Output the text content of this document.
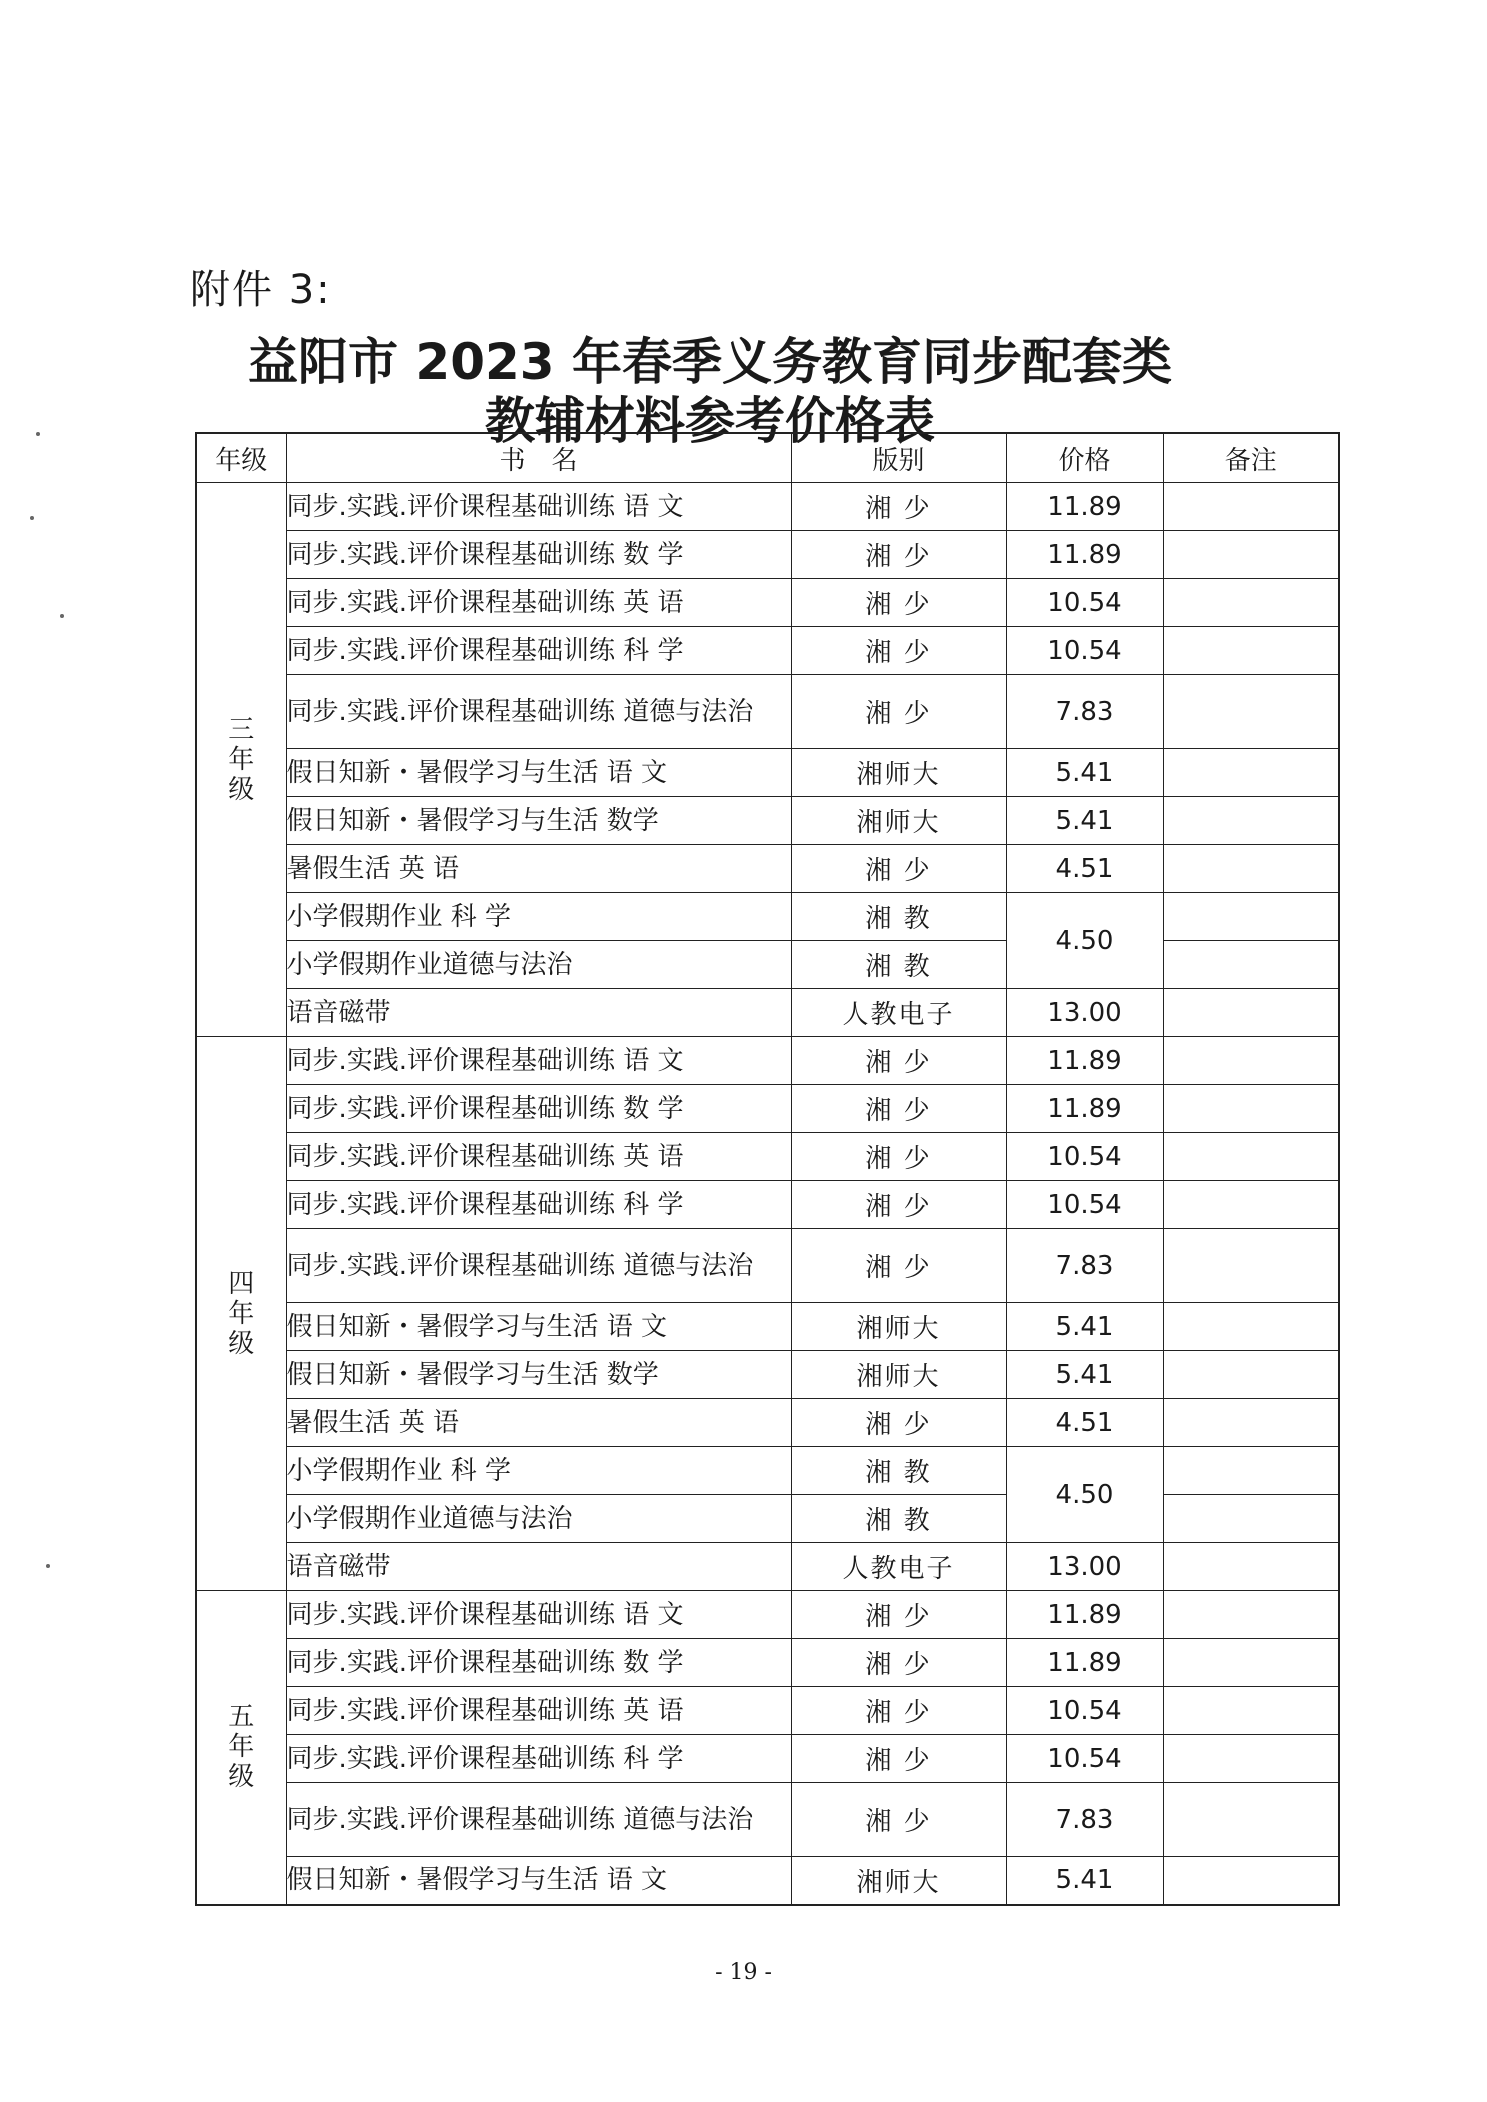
附件 3:
益阳市 2023 年春季义务教育同步配套类
教辅材料参考价格表
年级	书　名	版别	价格	备注
三年级	同步.实践.评价课程基础训练 语 文	湘 少	11.89	
	同步.实践.评价课程基础训练 数 学	湘 少	11.89	
	同步.实践.评价课程基础训练 英 语	湘 少	10.54	
	同步.实践.评价课程基础训练 科 学	湘 少	10.54	
	同步.实践.评价课程基础训练 道德与法治	湘 少	7.83	
	假日知新・暑假学习与生活 语 文	湘师大	5.41	
	假日知新・暑假学习与生活 数学	湘师大	5.41	
	暑假生活 英 语	湘 少	4.51	
	小学假期作业 科 学	湘 教	4.50	
	小学假期作业道德与法治	湘 教		
	语音磁带	人教电子	13.00	
四年级	同步.实践.评价课程基础训练 语 文	湘 少	11.89	
	同步.实践.评价课程基础训练 数 学	湘 少	11.89	
	同步.实践.评价课程基础训练 英 语	湘 少	10.54	
	同步.实践.评价课程基础训练 科 学	湘 少	10.54	
	同步.实践.评价课程基础训练 道德与法治	湘 少	7.83	
	假日知新・暑假学习与生活 语 文	湘师大	5.41	
	假日知新・暑假学习与生活 数学	湘师大	5.41	
	暑假生活 英 语	湘 少	4.51	
	小学假期作业 科 学	湘 教	4.50	
	小学假期作业道德与法治	湘 教		
	语音磁带	人教电子	13.00	
五年级	同步.实践.评价课程基础训练 语 文	湘 少	11.89	
	同步.实践.评价课程基础训练 数 学	湘 少	11.89	
	同步.实践.评价课程基础训练 英 语	湘 少	10.54	
	同步.实践.评价课程基础训练 科 学	湘 少	10.54	
	同步.实践.评价课程基础训练 道德与法治	湘 少	7.83	
	假日知新・暑假学习与生活 语 文	湘师大	5.41	
- 19 -
